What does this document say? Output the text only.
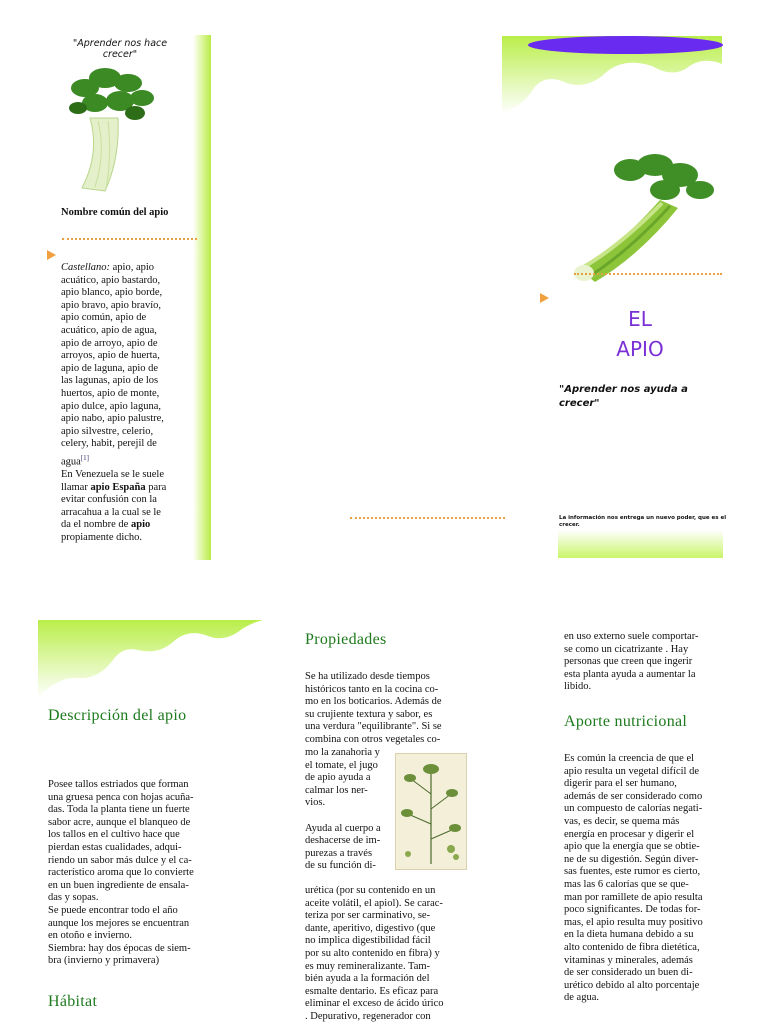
"Aprender nos hace crecer"
Nombre común del apio
Castellano: apio, apio
acuático, apio bastardo,
apio blanco, apio borde,
apio bravo, apio bravío,
apio común, apio de
acuático, apio de agua,
apio de arroyo, apio de
arroyos, apio de huerta,
apio de laguna, apio de
las lagunas, apio de los
huertos, apio de monte,
apio dulce, apio laguna,
apio nabo, apio palustre,
apio silvestre, celerio,
celery, habit, perejil de
agua[1]
En Venezuela se le suele
llamar apio España para
evitar confusión con la
arracahua a la cual se le
da el nombre de apio
propiamente dicho.
EL
APIO
"Aprender nos ayuda a crecer"
La información nos entrega un nuevo poder, que es el crecer.
Descripción del apio
Posee tallos estriados que forman
una gruesa penca con hojas acuña-
das. Toda la planta tiene un fuerte
sabor acre, aunque el blanqueo de
los tallos en el cultivo hace que
pierdan estas cualidades, adqui-
riendo un sabor más dulce y el ca-
racterístico aroma que lo convierte
en un buen ingrediente de ensala-
das y sopas.
Se puede encontrar todo el año
aunque los mejores se encuentran
en otoño e invierno.
Siembra: hay dos épocas de siem-
bra (invierno y primavera)
Hábitat
Propiedades
Se ha utilizado desde tiempos
históricos tanto en la cocina co-
mo en los boticarios. Además de
su crujiente textura y sabor, es
una verdura "equilibrante". Si se
combina con otros vegetales co-
mo la zanahoria y
el tomate, el jugo
de apio ayuda a
calmar los ner-
vios.

Ayuda al cuerpo a
deshacerse de im-
purezas a través
de su función di-
urética (por su contenido en un
aceite volátil, el apiol). Se carac-
teriza por ser carminativo, se-
dante, aperitivo, digestivo (que
no implica digestibilidad fácil
por su alto contenido en fibra) y
es muy remineralizante. Tam-
bién ayuda a la formación del
esmalte dentario. Es eficaz para
eliminar el exceso de ácido úrico
. Depurativo, regenerador con
en uso externo suele comportar-
se como un cicatrizante . Hay
personas que creen que ingerir
esta planta ayuda a aumentar la
libido.
Aporte nutricional
Es común la creencia de que el
apio resulta un vegetal difícil de
digerir para el ser humano,
además de ser considerado como
un compuesto de calorías negati-
vas, es decir, se quema más
energía en procesar y digerir el
apio que la energía que se obtie-
ne de su digestión. Según diver-
sas fuentes, este rumor es cierto,
mas las 6 calorías que se que-
man por ramillete de apio resulta
poco significantes. De todas for-
mas, el apio resulta muy positivo
en la dieta humana debido a su
alto contenido de fibra dietética,
vitaminas y minerales, además
de ser considerado un buen di-
urético debido al alto porcentaje
de agua.
